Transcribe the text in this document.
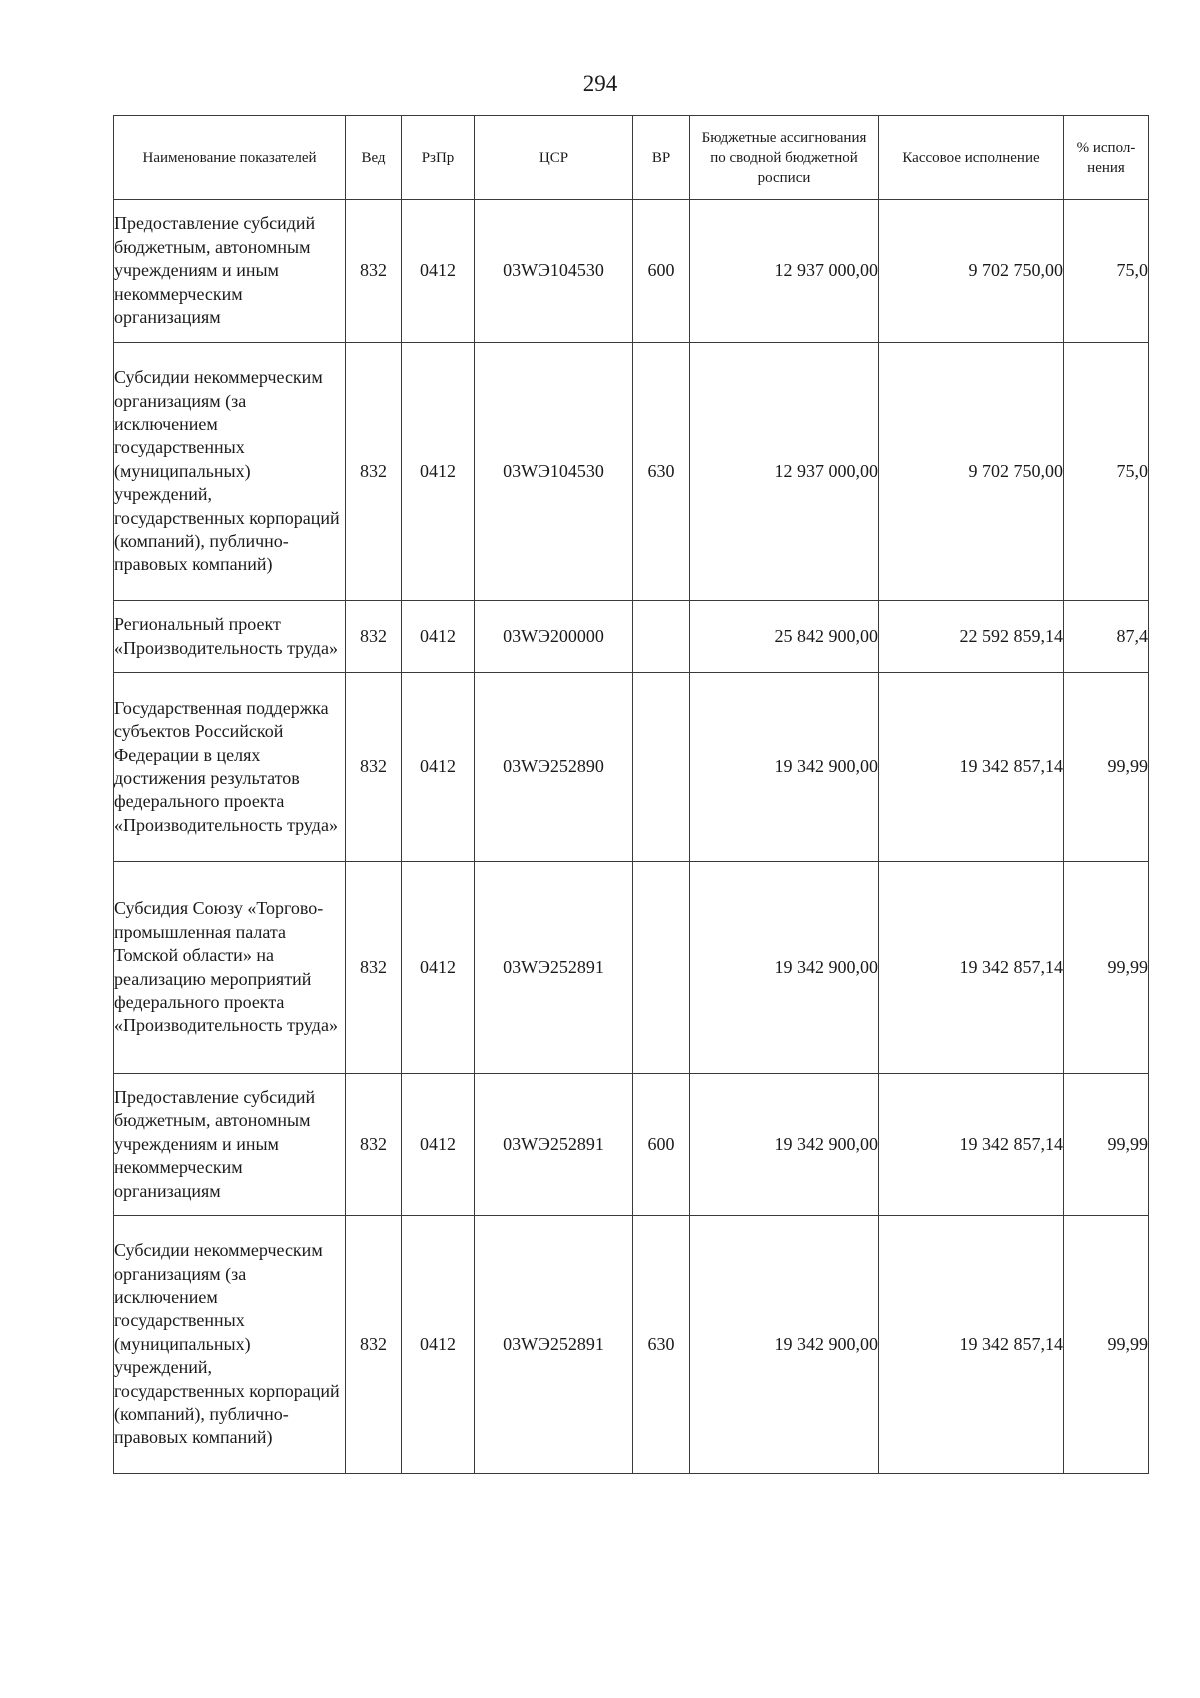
294
Наименование показателей	Вед	РзПр	ЦСР	ВР	Бюджетные ассигнования по сводной бюджетной росписи	Кассовое исполнение	% испол-нения
Предоставление субсидий бюджетным, автономным учреждениям и иным некоммерческим организациям	832	0412	03WЭ104530	600	12 937 000,00	9 702 750,00	75,0
Субсидии некоммерческим организациям (за исключением государственных (муниципальных) учреждений, государственных корпораций (компаний), публично-правовых компаний)	832	0412	03WЭ104530	630	12 937 000,00	9 702 750,00	75,0
Региональный проект «Производительность труда»	832	0412	03WЭ200000		25 842 900,00	22 592 859,14	87,4
Государственная поддержка субъектов Российской Федерации в целях достижения результатов федерального проекта «Производительность труда»	832	0412	03WЭ252890		19 342 900,00	19 342 857,14	99,99
Субсидия Союзу «Торгово-промышленная палата Томской области» на реализацию мероприятий федерального проекта «Производительность труда»	832	0412	03WЭ252891		19 342 900,00	19 342 857,14	99,99
Предоставление субсидий бюджетным, автономным учреждениям и иным некоммерческим организациям	832	0412	03WЭ252891	600	19 342 900,00	19 342 857,14	99,99
Субсидии некоммерческим организациям (за исключением государственных (муниципальных) учреждений, государственных корпораций (компаний), публично-правовых компаний)	832	0412	03WЭ252891	630	19 342 900,00	19 342 857,14	99,99
